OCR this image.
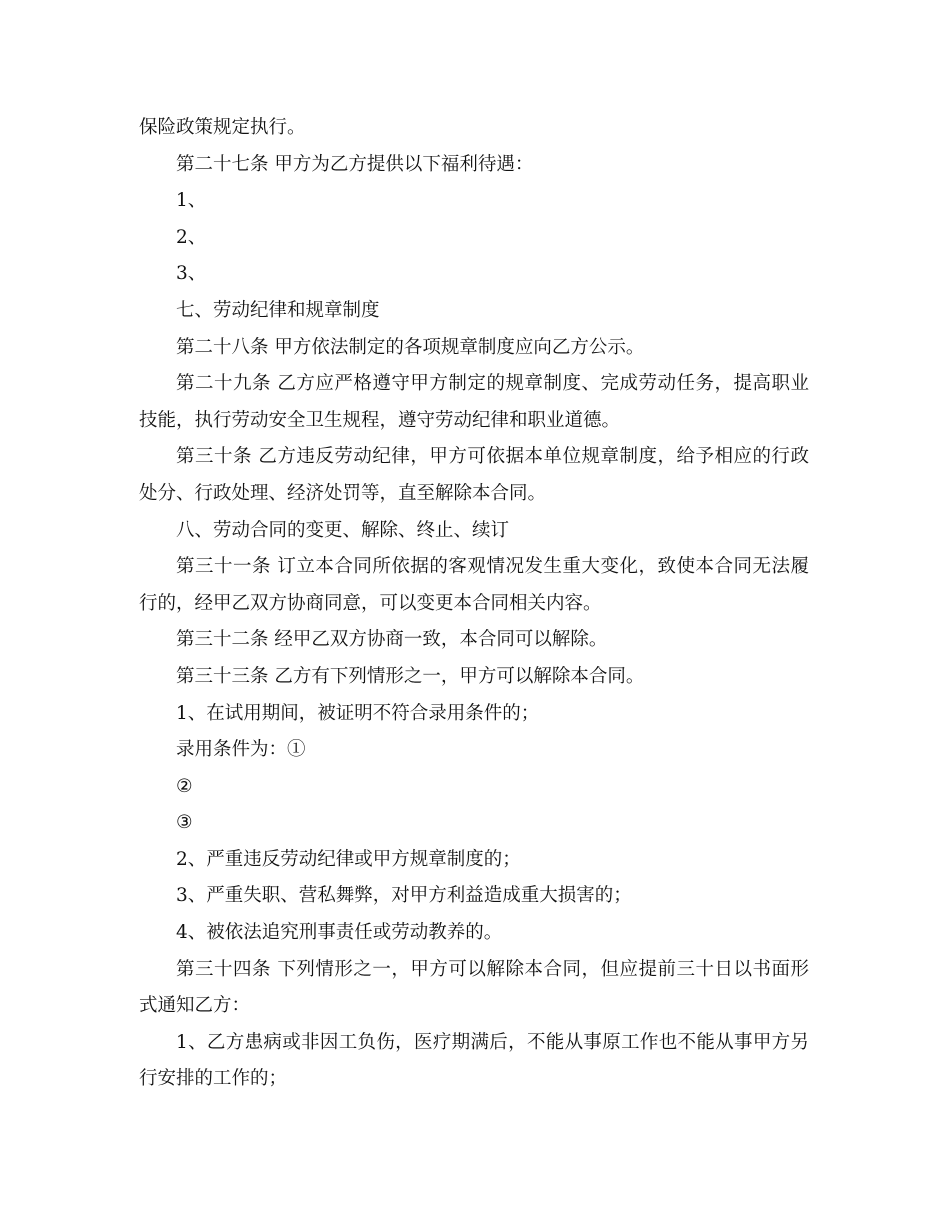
保险政策规定执行。

第二十七条 甲方为乙方提供以下福利待遇：

1、

2、

3、

七、劳动纪律和规章制度

第二十八条 甲方依法制定的各项规章制度应向乙方公示。

第二十九条 乙方应严格遵守甲方制定的规章制度、完成劳动任务，提高职业技能，执行劳动安全卫生规程，遵守劳动纪律和职业道德。

第三十条 乙方违反劳动纪律，甲方可依据本单位规章制度，给予相应的行政处分、行政处理、经济处罚等，直至解除本合同。

八、劳动合同的变更、解除、终止、续订

第三十一条 订立本合同所依据的客观情况发生重大变化，致使本合同无法履行的，经甲乙双方协商同意，可以变更本合同相关内容。

第三十二条 经甲乙双方协商一致，本合同可以解除。

第三十三条 乙方有下列情形之一，甲方可以解除本合同。

1、在试用期间，被证明不符合录用条件的；

录用条件为：①

②

③

2、严重违反劳动纪律或甲方规章制度的；

3、严重失职、营私舞弊，对甲方利益造成重大损害的；

4、被依法追究刑事责任或劳动教养的。

第三十四条 下列情形之一，甲方可以解除本合同，但应提前三十日以书面形式通知乙方：

1、乙方患病或非因工负伤，医疗期满后，不能从事原工作也不能从事甲方另行安排的工作的；
